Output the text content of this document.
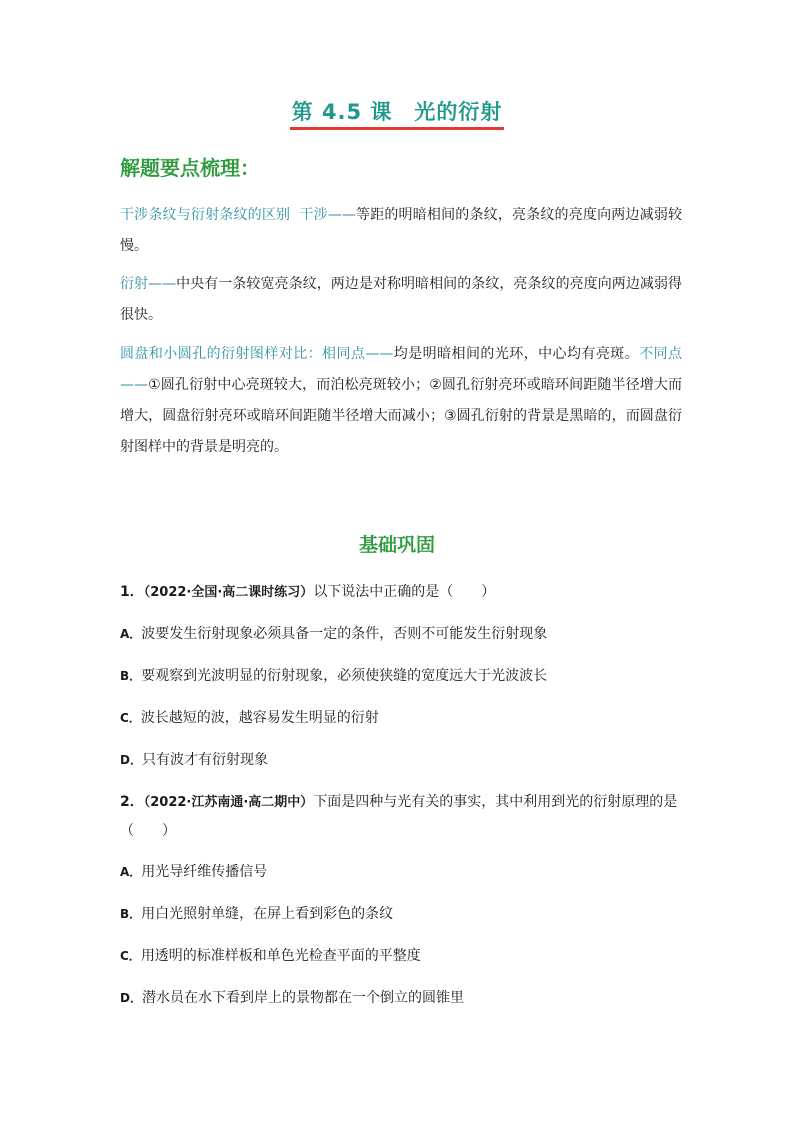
第 4.5 课 光的衍射
解题要点梳理：
干涉条纹与衍射条纹的区别 干涉——等距的明暗相间的条纹，亮条纹的亮度向两边减弱较慢。
衍射——中央有一条较宽亮条纹，两边是对称明暗相间的条纹，亮条纹的亮度向两边减弱得很快。
圆盘和小圆孔的衍射图样对比：相同点——均是明暗相间的光环，中心均有亮斑。不同点——①圆孔衍射中心亮斑较大，而泊松亮斑较小；②圆孔衍射亮环或暗环间距随半径增大而增大，圆盘衍射亮环或暗环间距随半径增大而减小；③圆孔衍射的背景是黑暗的，而圆盘衍射图样中的背景是明亮的。
基础巩固
1．（2022·全国·高二课时练习）以下说法中正确的是（　　）
A．波要发生衍射现象必须具备一定的条件，否则不可能发生衍射现象
B．要观察到光波明显的衍射现象，必须使狭缝的宽度远大于光波波长
C．波长越短的波，越容易发生明显的衍射
D．只有波才有衍射现象
2．（2022·江苏南通·高二期中）下面是四种与光有关的事实，其中利用到光的衍射原理的是（　　）
A．用光导纤维传播信号
B．用白光照射单缝，在屏上看到彩色的条纹
C．用透明的标准样板和单色光检查平面的平整度
D．潜水员在水下看到岸上的景物都在一个倒立的圆锥里
